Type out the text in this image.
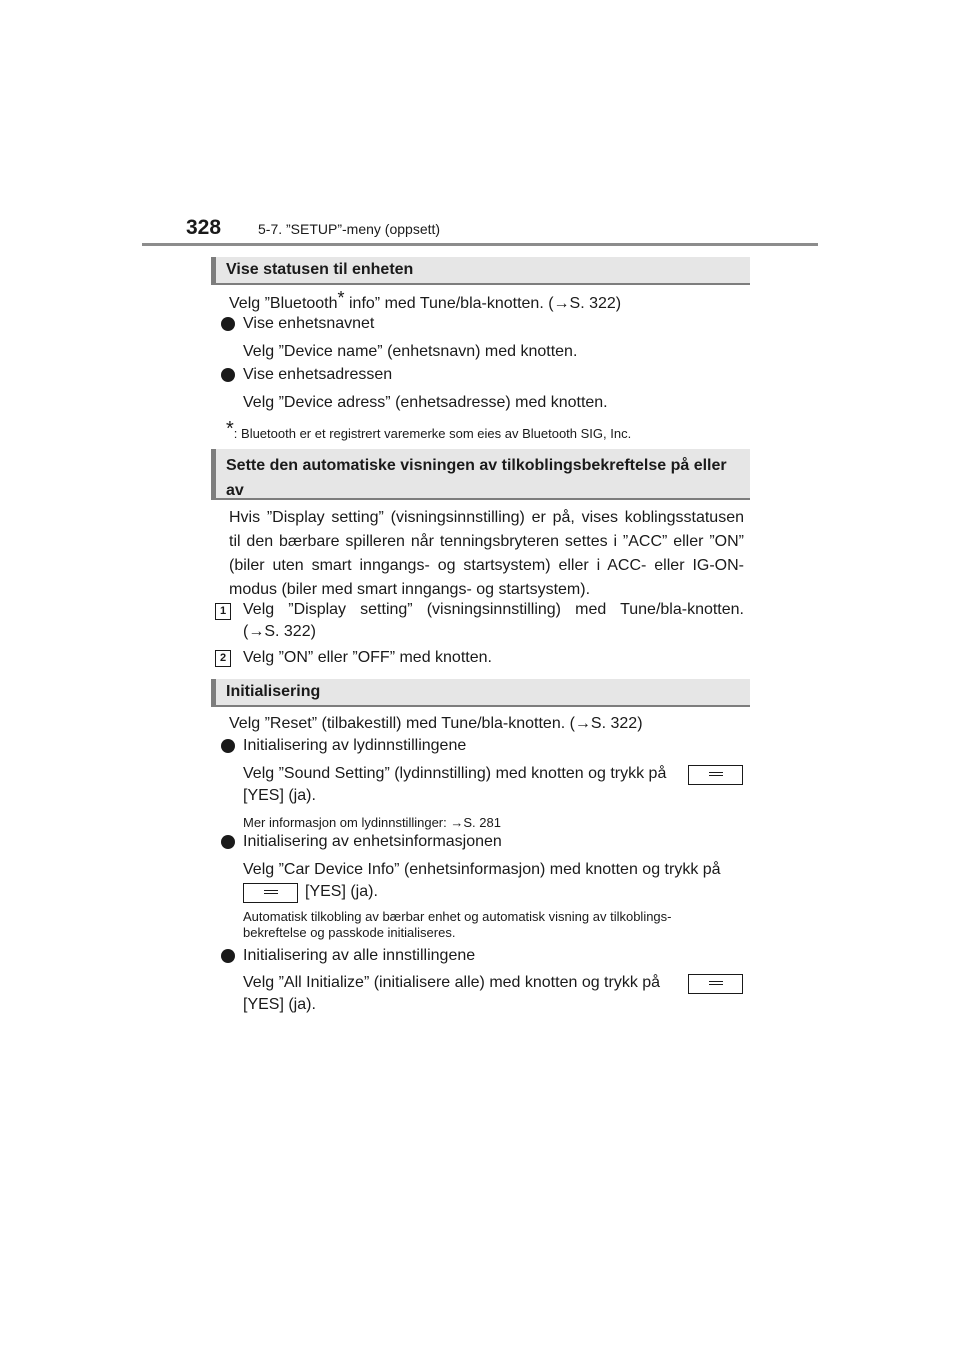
328	5-7. ”SETUP”-meny (oppsett)
Vise statusen til enheten
Velg ”Bluetooth* info” med Tune/bla-knotten. (→S. 322)
Vise enhetsnavnet
Velg ”Device name” (enhetsnavn) med knotten.
Vise enhetsadressen
Velg ”Device adress” (enhetsadresse) med knotten.
*: Bluetooth er et registrert varemerke som eies av Bluetooth SIG, Inc.
Sette den automatiske visningen av tilkoblingsbekreftelse på eller
av
Hvis ”Display setting” (visningsinnstilling) er på, vises koblingsstatusen
til den bærbare spilleren når tenningsbryteren settes i ”ACC” eller ”ON”
(biler uten smart inngangs- og startsystem) eller i ACC- eller IG-ON-
modus (biler med smart inngangs- og startsystem).
1	Velg ”Display setting” (visningsinnstilling) med Tune/bla-knotten.
(→S. 322)
2	Velg ”ON” eller ”OFF” med knotten.
Initialisering
Velg ”Reset” (tilbakestill) med Tune/bla-knotten. (→S. 322)
Initialisering av lydinnstillingene
Velg ”Sound Setting” (lydinnstilling) med knotten og trykk på
[YES] (ja).
Mer informasjon om lydinnstillinger: →S. 281
Initialisering av enhetsinformasjonen
Velg ”Car Device Info” (enhetsinformasjon) med knotten og trykk på
[YES] (ja).
Automatisk tilkobling av bærbar enhet og automatisk visning av tilkoblings-
bekreftelse og passkode initialiseres.
Initialisering av alle innstillingene
Velg ”All Initialize” (initialisere alle) med knotten og trykk på
[YES] (ja).
